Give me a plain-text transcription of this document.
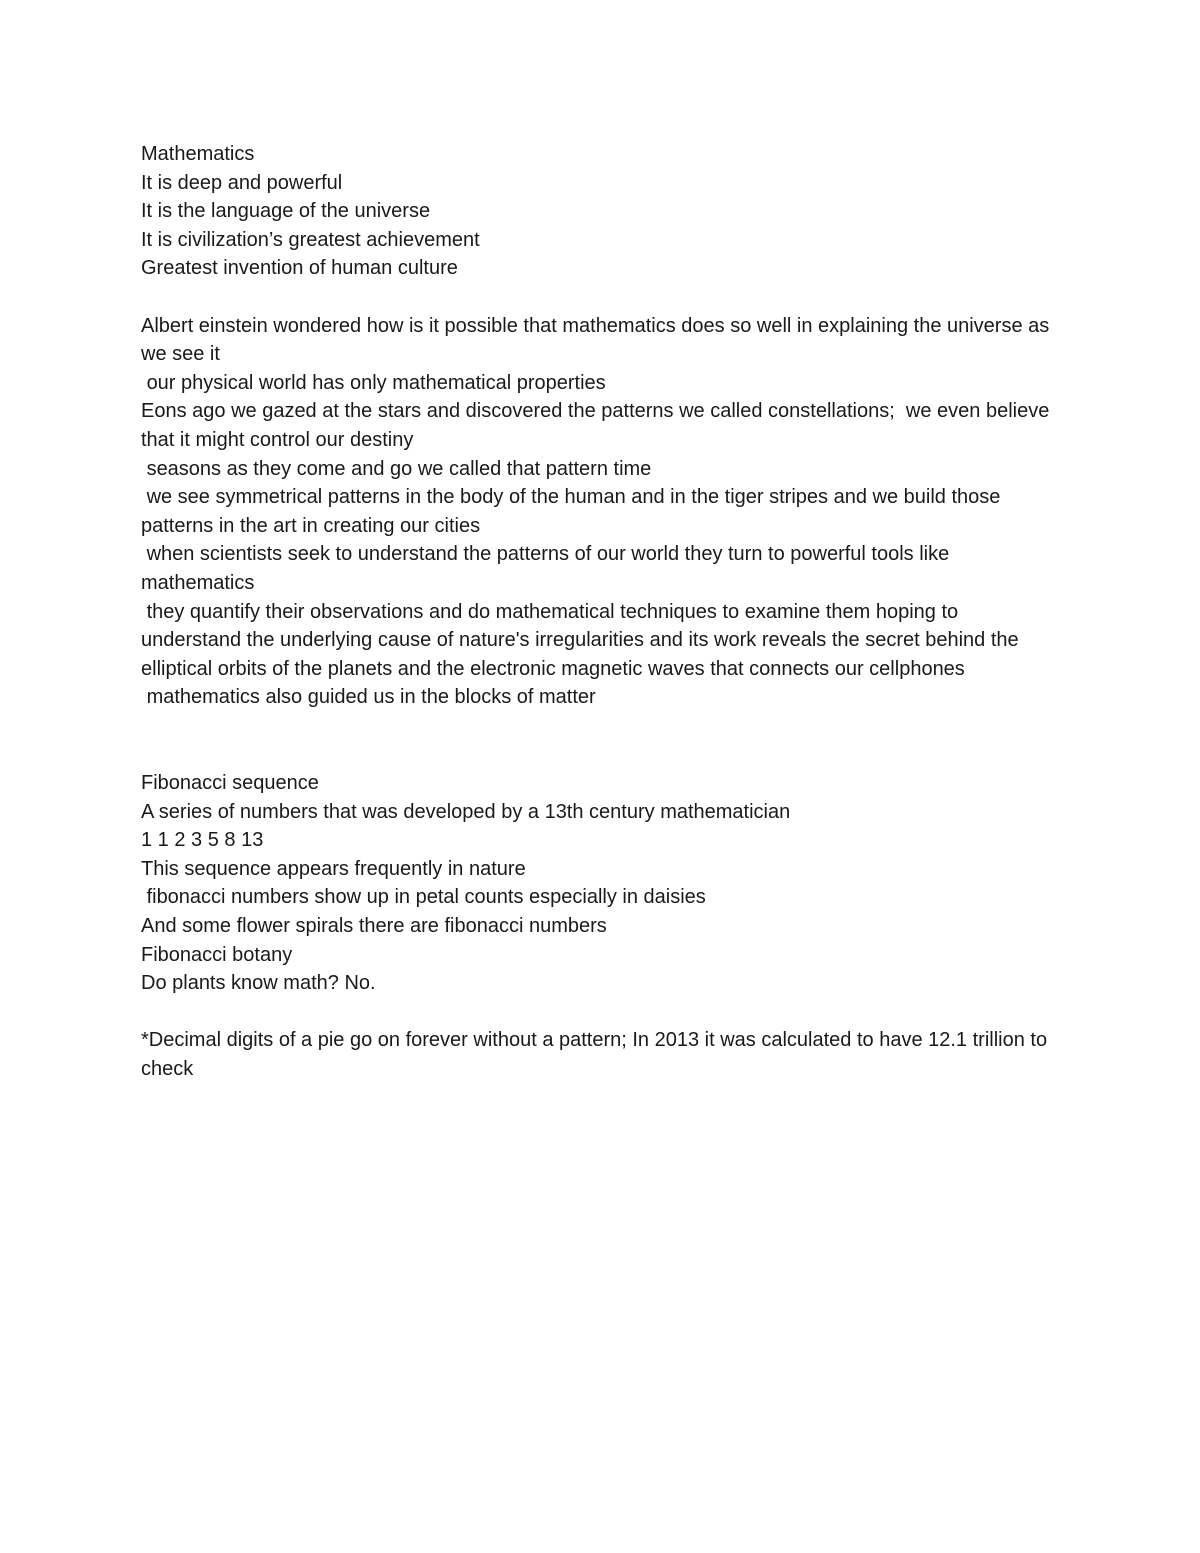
Mathematics

It is deep and powerful

It is the language of the universe

It is civilization’s greatest achievement

Greatest invention of human culture

Albert einstein wondered how is it possible that mathematics does so well in explaining the universe as we see it

our physical world has only mathematical properties

Eons ago we gazed at the stars and discovered the patterns we called constellations;  we even believe that it might control our destiny

seasons as they come and go we called that pattern time

we see symmetrical patterns in the body of the human and in the tiger stripes and we build those patterns in the art in creating our cities

when scientists seek to understand the patterns of our world they turn to powerful tools like mathematics

they quantify their observations and do mathematical techniques to examine them hoping to understand the underlying cause of nature's irregularities and its work reveals the secret behind the elliptical orbits of the planets and the electronic magnetic waves that connects our cellphones

mathematics also guided us in the blocks of matter

Fibonacci sequence

A series of numbers that was developed by a 13th century mathematician

1 1 2 3 5 8 13

This sequence appears frequently in nature

fibonacci numbers show up in petal counts especially in daisies

And some flower spirals there are fibonacci numbers

Fibonacci botany

Do plants know math? No.

*Decimal digits of a pie go on forever without a pattern; In 2013 it was calculated to have 12.1 trillion to check
